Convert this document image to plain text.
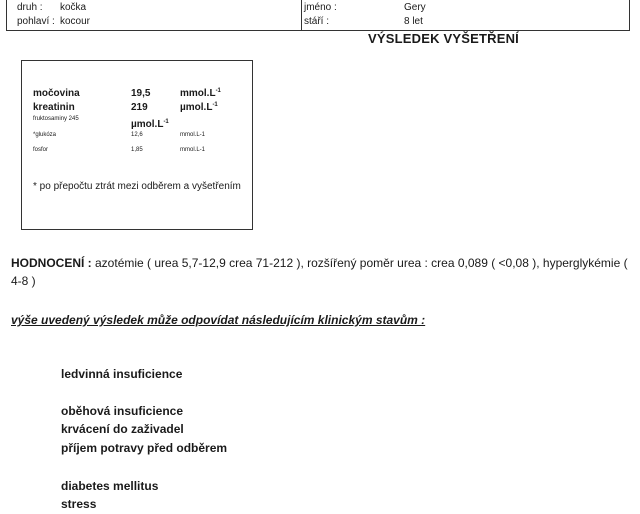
druh : kočka
pohlaví : kocour
jméno :	Gery
stáří :	8 let
VÝSLEDEK VYŠETŘENÍ
močovina	19,5	$mmol.L^{-1}$
kreatinin	219	$\mu mol.L^{-1}$
fruktosaminy 245	$\mu mol.L^{-1}$
*glukóza	12,6	mmol.L-1
fosfor	1,85	mmol.L-1
* po přepočtu ztrát mezi odběrem a vyšetřením
HODNOCENÍ : azotémie ( urea 5,7-12,9 crea 71-212 ), rozšířený poměr urea : crea 0,089 ( <0,08 ), hyperglykémie ( 4-8 )
výše uvedený výsledek může odpovídat následujícím klinickým stavům :
ledvinná insuficience
oběhová insuficience
krvácení do zaživadel
příjem potravy před odběrem
diabetes mellitus
stress
